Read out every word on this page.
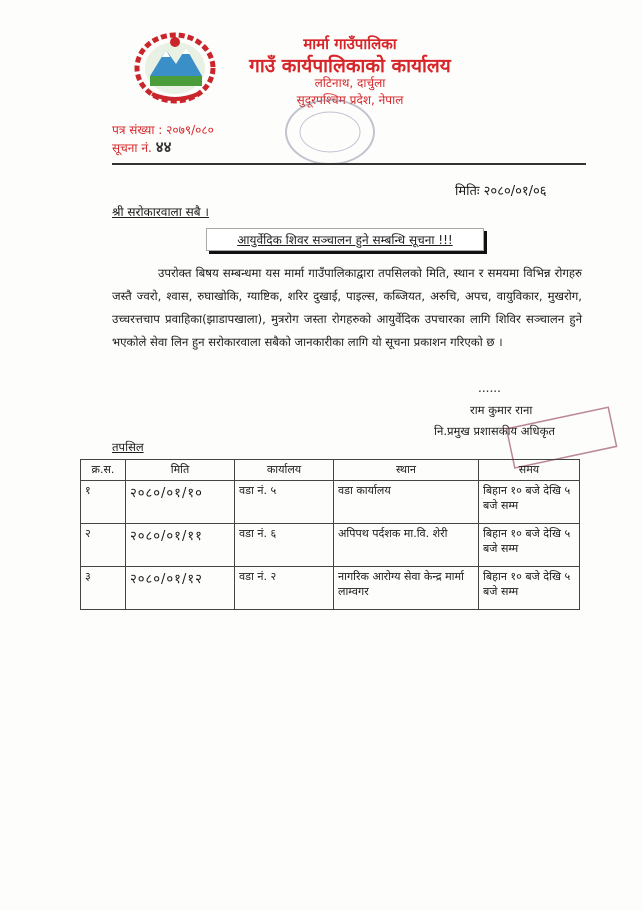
मार्मा गाउँपालिका
गाउँ कार्यपालिकाको कार्यालय
लटिनाथ, दार्चुला
सुदूरपश्चिम प्रदेश, नेपाल
पत्र संख्या : २०७९/०८०
सूचना नं. ४४
मितिः २०८०/०१/०६
श्री सरोकारवाला सबै ।
आयुर्वेदिक शिवर सञ्चालन हुने सम्बन्धि सूचना !!!
उपरोक्त बिषय सम्बन्धमा यस मार्मा गाउँपालिकाद्वारा तपसिलको मिति, स्थान र समयमा विभिन्न रोगहरु जस्तै ज्वरो, श्वास, रुघाखोकि, ग्याष्टिक, शरिर दुखाई, पाइल्स, कब्जियत, अरुचि, अपच, वायुविकार, मुखरोग, उच्चरत्तचाप प्रवाहिका(झाडापखाला), मुत्ररोग जस्ता रोगहरुको आयुर्वेदिक उपचारका लागि शिविर सञ्चालन हुने भएकोले सेवा लिन हुन सरोकारवाला सबैको जानकारीका लागि यो सूचना प्रकाशन गरिएको छ ।
......
राम कुमार राना
नि.प्रमुख प्रशासकीय अधिकृत
तपसिल
क्र.स.	मिति	कार्यालय	स्थान	समय
१	२०८०/०१/१०	वडा नं. ५	वडा कार्यालय	बिहान १० बजे देखि ५ बजे सम्म
२	२०८०/०१/११	वडा नं. ६	अपिपथ पर्दशक मा.वि. शेरी	बिहान १० बजे देखि ५ बजे सम्म
३	२०८०/०१/१२	वडा नं. २	नागरिक आरोग्य सेवा केन्द्र मार्मा लाम्वगर	बिहान १० बजे देखि ५ बजे सम्म
